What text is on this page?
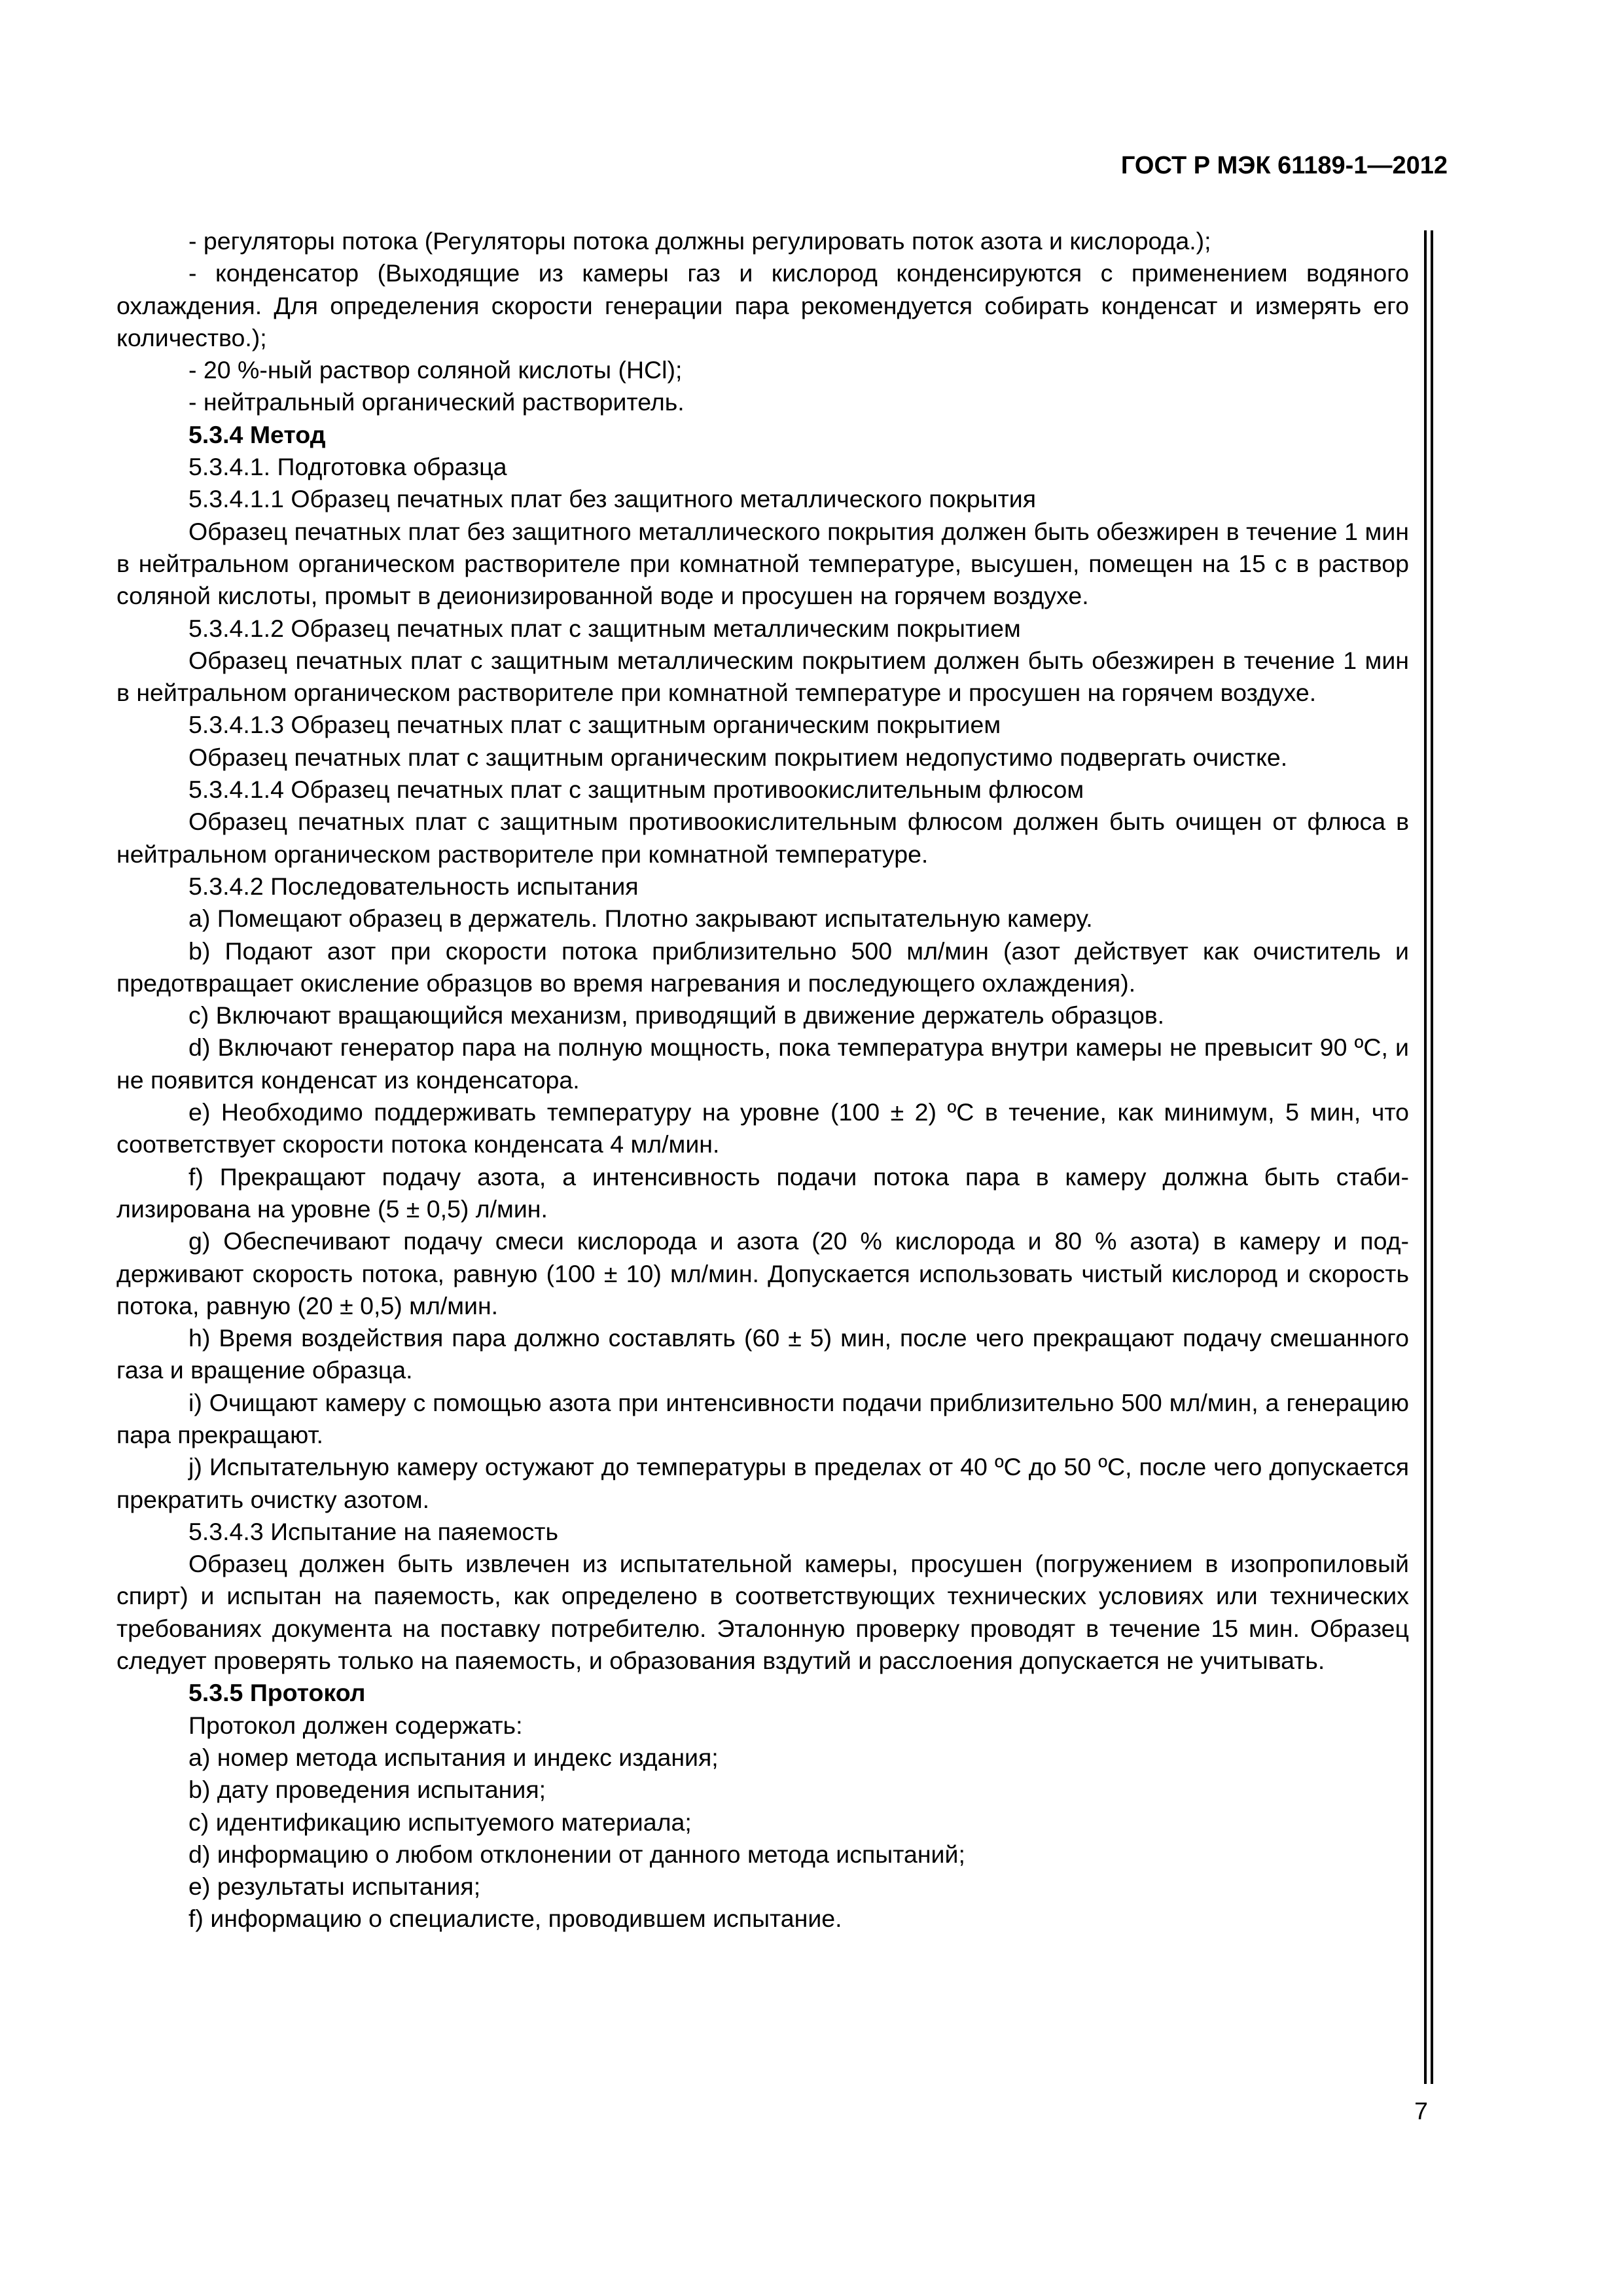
ГОСТ Р МЭК 61189-1—2012

- регуляторы потока (Регуляторы потока должны регулировать поток азота и кислорода.);

- конденсатор (Выходящие из камеры газ и кислород конденсируются с применением водяного охлаждения. Для определения скорости генерации пара рекомендуется собирать конденсат и измерять его количество.);

- 20 %-ный раствор соляной кислоты (HCl);

- нейтральный органический растворитель.

5.3.4 Метод

5.3.4.1. Подготовка образца

5.3.4.1.1 Образец печатных плат без защитного металлического покрытия

Образец печатных плат без защитного металлического покрытия должен быть обезжирен в течение 1 мин в нейтральном органическом растворителе при комнатной температуре, высушен, помещен на 15 с в раствор соляной кислоты, промыт в деионизированной воде и просушен на горячем воздухе.

5.3.4.1.2 Образец печатных плат с защитным металлическим покрытием

Образец печатных плат с защитным металлическим покрытием должен быть обезжирен в течение 1 мин в нейтральном органическом растворителе при комнатной температуре и просушен на горячем воздухе.

5.3.4.1.3 Образец печатных плат с защитным органическим покрытием

Образец печатных плат с защитным органическим покрытием недопустимо подвергать очистке.

5.3.4.1.4 Образец печатных плат с защитным противоокислительным флюсом

Образец печатных плат с защитным противоокислительным флюсом должен быть очищен от флюса в нейтральном органическом растворителе при комнатной температуре.

5.3.4.2 Последовательность испытания

a) Помещают образец в держатель. Плотно закрывают испытательную камеру.

b) Подают азот при скорости потока приблизительно 500 мл/мин (азот действует как очиститель и предотвращает окисление образцов во время нагревания и последующего охлаждения).

c) Включают вращающийся механизм, приводящий в движение держатель образцов.

d) Включают генератор пара на полную мощность, пока температура внутри камеры не превысит 90 ºС, и не появится конденсат из конденсатора.

e) Необходимо поддерживать температуру на уровне (100 ± 2) ºС в течение, как минимум, 5 мин, что соответствует скорости потока конденсата 4 мл/мин.

f) Прекращают подачу азота, а интенсивность подачи потока пара в камеру должна быть стабилизирована на уровне (5 ± 0,5) л/мин.

g) Обеспечивают подачу смеси кислорода и азота (20 % кислорода и 80 % азота) в камеру и поддерживают скорость потока, равную (100 ± 10) мл/мин. Допускается использовать чистый кислород и скорость потока, равную (20 ± 0,5) мл/мин.

h) Время воздействия пара должно составлять (60 ± 5) мин, после чего прекращают подачу смешанного газа и вращение образца.

i) Очищают камеру с помощью азота при интенсивности подачи приблизительно 500 мл/мин, а генерацию пара прекращают.

j) Испытательную камеру остужают до температуры в пределах от 40 ºС до 50 ºС, после чего допускается прекратить очистку азотом.

5.3.4.3 Испытание на паяемость

Образец должен быть извлечен из испытательной камеры, просушен (погружением в изопропиловый спирт) и испытан на паяемость, как определено в соответствующих технических условиях или технических требованиях документа на поставку потребителю. Эталонную проверку проводят в течение 15 мин. Образец следует проверять только на паяемость, и образования вздутий и расслоения допускается не учитывать.

5.3.5 Протокол

Протокол должен содержать:

a) номер метода испытания и индекс издания;

b) дату проведения испытания;

c) идентификацию испытуемого материала;

d) информацию о любом отклонении от данного метода испытаний;

e) результаты испытания;

f) информацию о специалисте, проводившем испытание.

7
